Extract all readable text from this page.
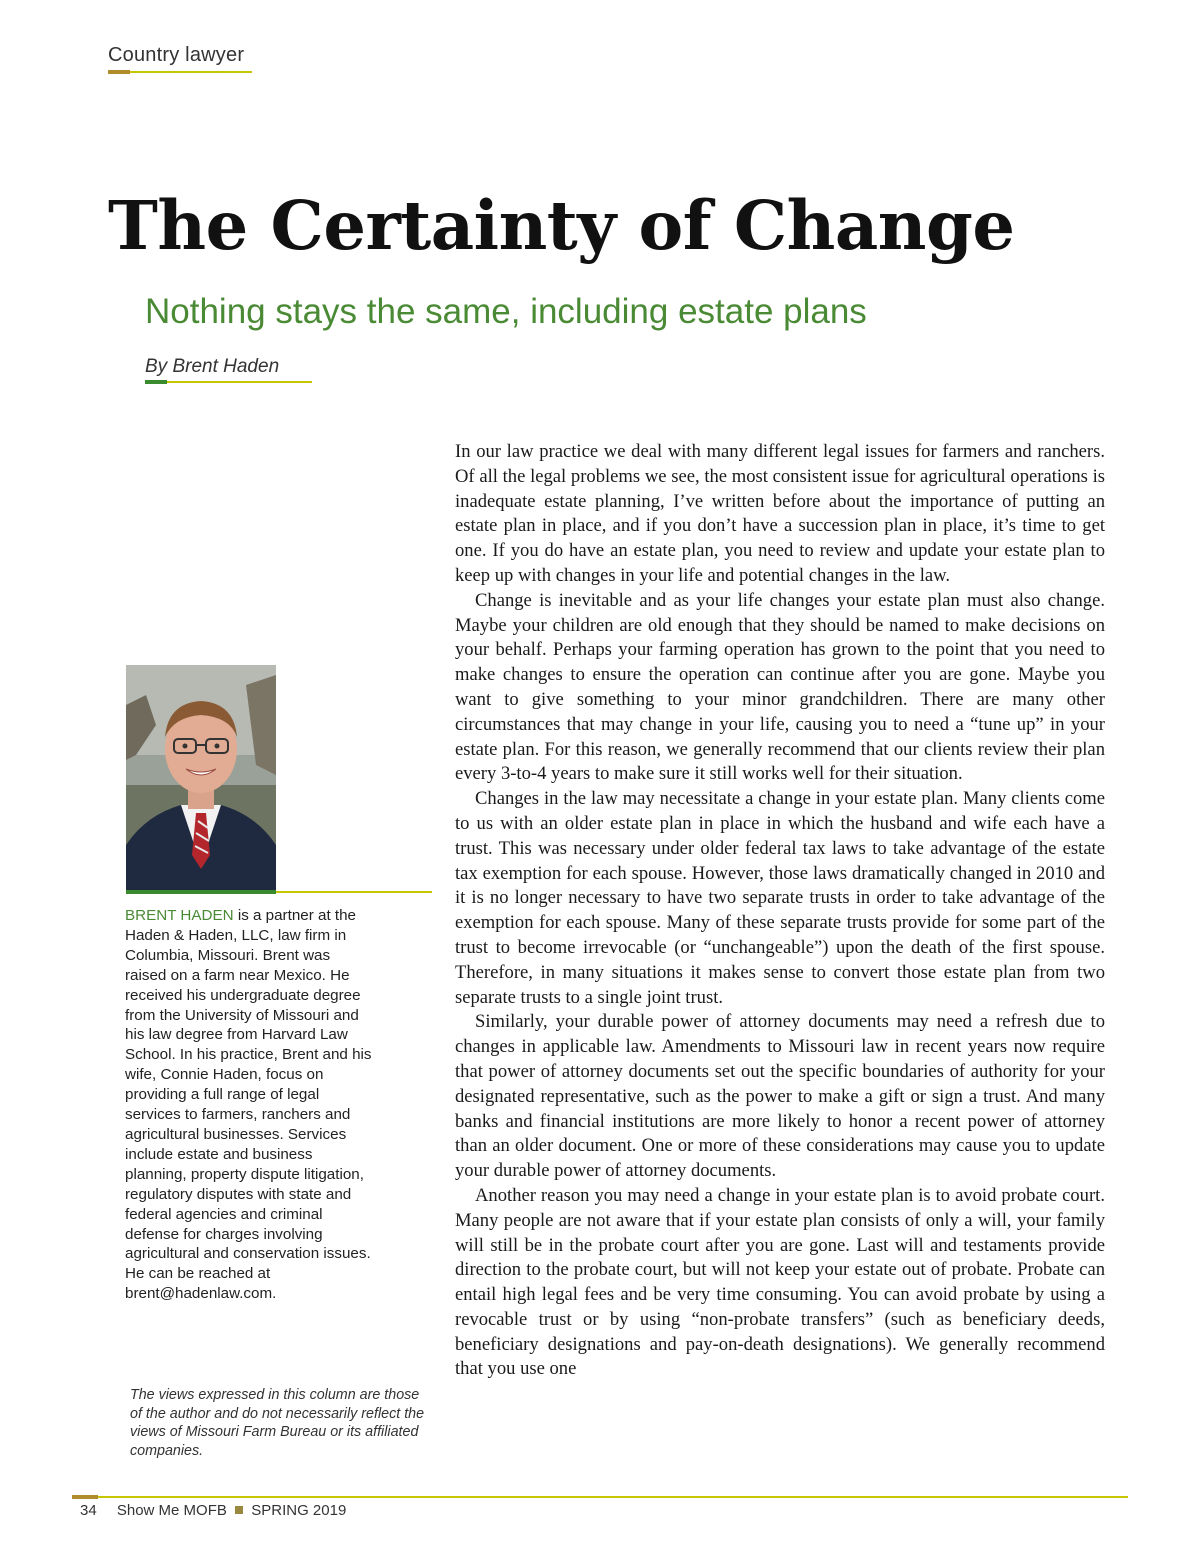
Country lawyer
The Certainty of Change
Nothing stays the same, including estate plans
By Brent Haden

In our law practice we deal with many different legal issues for farmers and ranchers. Of all the legal problems we see, the most consistent issue for agricultural operations is inadequate estate planning, I’ve written before about the importance of putting an estate plan in place, and if you don’t have a succession plan in place, it’s time to get one. If you do have an estate plan, you need to review and update your estate plan to keep up with changes in your life and potential changes in the law.

Change is inevitable and as your life changes your estate plan must also change. Maybe your children are old enough that they should be named to make decisions on your behalf. Perhaps your farming operation has grown to the point that you need to make changes to ensure the operation can continue after you are gone. Maybe you want to give something to your minor grandchildren. There are many other circumstances that may change in your life, causing you to need a “tune up” in your estate plan. For this reason, we generally recommend that our clients review their plan every 3-to-4 years to make sure it still works well for their situation.

Changes in the law may necessitate a change in your estate plan. Many clients come to us with an older estate plan in place in which the husband and wife each have a trust. This was necessary under older federal tax laws to take advantage of the estate tax exemption for each spouse. However, those laws dramatically changed in 2010 and it is no longer necessary to have two separate trusts in order to take advantage of the exemption for each spouse. Many of these separate trusts provide for some part of the trust to become irrevocable (or “unchangeable”) upon the death of the first spouse. Therefore, in many situations it makes sense to convert those estate plan from two separate trusts to a single joint trust.

Similarly, your durable power of attorney documents may need a refresh due to changes in applicable law. Amendments to Missouri law in recent years now require that power of attorney documents set out the specific boundaries of authority for your designated representative, such as the power to make a gift or sign a trust. And many banks and financial institutions are more likely to honor a recent power of attorney than an older document. One or more of these considerations may cause you to update your durable power of attorney documents.

Another reason you may need a change in your estate plan is to avoid probate court. Many people are not aware that if your estate plan consists of only a will, your family will still be in the probate court after you are gone. Last will and testaments provide direction to the probate court, but will not keep your estate out of probate. Probate can entail high legal fees and be very time consuming. You can avoid probate by using a revocable trust or by using “non-probate transfers” (such as beneficiary deeds, beneficiary designations and pay-on-death designations). We generally recommend that you use one

BRENT HADEN is a partner at the Haden & Haden, LLC, law firm in Columbia, Missouri. Brent was raised on a farm near Mexico. He received his undergraduate degree from the University of Missouri and his law degree from Harvard Law School. In his practice, Brent and his wife, Connie Haden, focus on providing a full range of legal services to farmers, ranchers and agricultural businesses. Services include estate and business planning, property dispute litigation, regulatory disputes with state and federal agencies and criminal defense for charges involving agricultural and conservation issues. He can be reached at brent@hadenlaw.com.
The views expressed in this column are those of the author and do not necessarily reflect the views of Missouri Farm Bureau or its affiliated companies.
34 Show Me MOFB SPRING 2019
